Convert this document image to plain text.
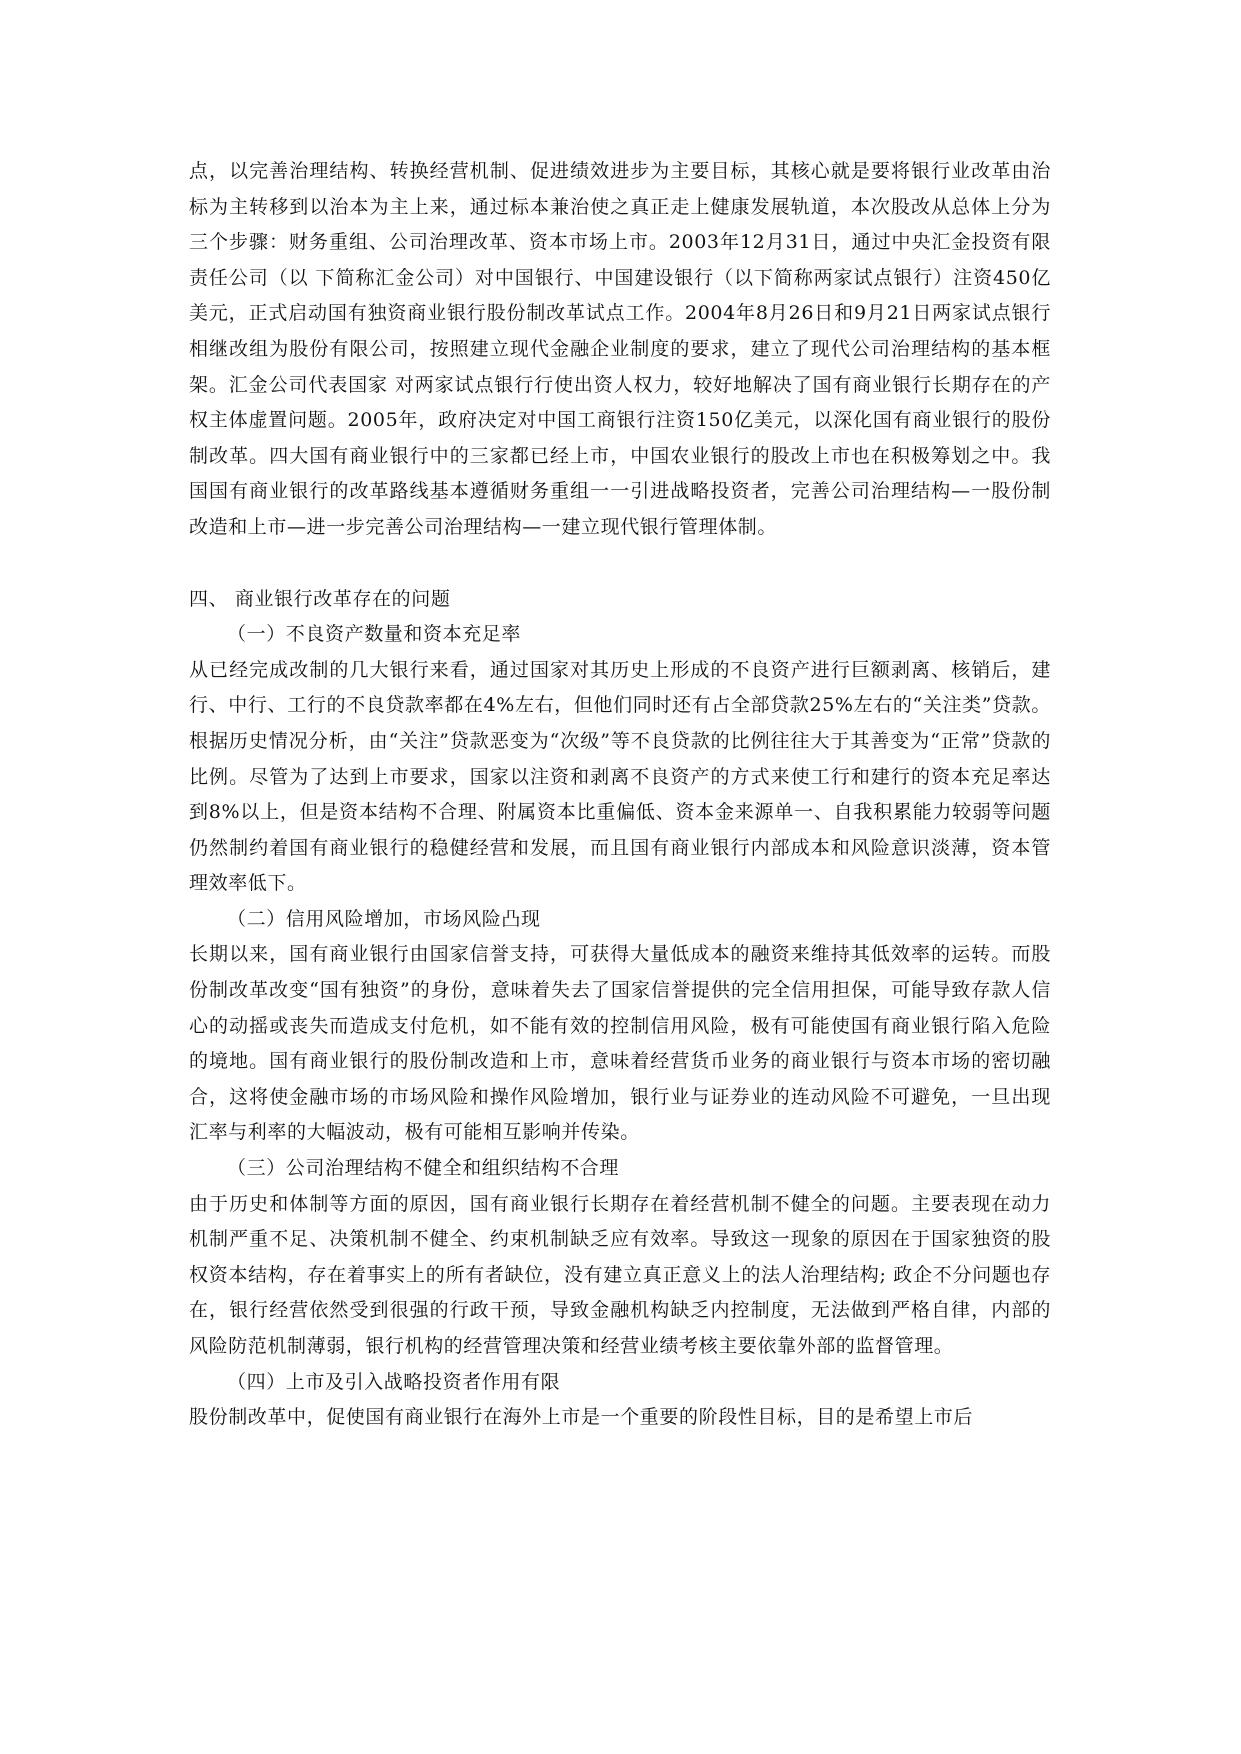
点，以完善治理结构、转换经营机制、促进绩效进步为主要目标，其核心就是要将银行业改革由治标为主转移到以治本为主上来，通过标本兼治使之真正走上健康发展轨道，本次股改从总体上分为三个步骤：财务重组、公司治理改革、资本市场上市。2003年12月31日，通过中央汇金投资有限责任公司（以 下简称汇金公司）对中国银行、中国建设银行（以下简称两家试点银行）注资450亿美元，正式启动国有独资商业银行股份制改革试点工作。2004年8月26日和9月21日两家试点银行相继改组为股份有限公司，按照建立现代金融企业制度的要求，建立了现代公司治理结构的基本框架。汇金公司代表国家 对两家试点银行行使出资人权力，较好地解决了国有商业银行长期存在的产权主体虚置问题。2005年，政府决定对中国工商银行注资150亿美元，以深化国有商业银行的股份制改革。四大国有商业银行中的三家都已经上市，中国农业银行的股改上市也在积极筹划之中。我国国有商业银行的改革路线基本遵循财务重组一一引进战略投资者，完善公司治理结构—一股份制改造和上市—进一步完善公司治理结构—一建立现代银行管理体制。

四、 商业银行改革存在的问题

（一）不良资产数量和资本充足率

从已经完成改制的几大银行来看，通过国家对其历史上形成的不良资产进行巨额剥离、核销后，建行、中行、工行的不良贷款率都在4%左右，但他们同时还有占全部贷款25%左右的“关注类”贷款。根据历史情况分析，由“关注”贷款恶变为“次级”等不良贷款的比例往往大于其善变为“正常”贷款的比例。尽管为了达到上市要求，国家以注资和剥离不良资产的方式来使工行和建行的资本充足率达到8%以上，但是资本结构不合理、附属资本比重偏低、资本金来源单一、自我积累能力较弱等问题仍然制约着国有商业银行的稳健经营和发展，而且国有商业银行内部成本和风险意识淡薄，资本管理效率低下。

（二）信用风险增加，市场风险凸现

长期以来，国有商业银行由国家信誉支持，可获得大量低成本的融资来维持其低效率的运转。而股份制改革改变“国有独资”的身份，意味着失去了国家信誉提供的完全信用担保，可能导致存款人信心的动摇或丧失而造成支付危机，如不能有效的控制信用风险，极有可能使国有商业银行陷入危险的境地。国有商业银行的股份制改造和上市，意味着经营货币业务的商业银行与资本市场的密切融合，这将使金融市场的市场风险和操作风险增加，银行业与证券业的连动风险不可避免，一旦出现汇率与利率的大幅波动，极有可能相互影响并传染。

（三）公司治理结构不健全和组织结构不合理

由于历史和体制等方面的原因，国有商业银行长期存在着经营机制不健全的问题。主要表现在动力机制严重不足、决策机制不健全、约束机制缺乏应有效率。导致这一现象的原因在于国家独资的股权资本结构，存在着事实上的所有者缺位，没有建立真正意义上的法人治理结构; 政企不分问题也存在，银行经营依然受到很强的行政干预，导致金融机构缺乏内控制度，无法做到严格自律，内部的风险防范机制薄弱，银行机构的经营管理决策和经营业绩考核主要依靠外部的监督管理。

（四）上市及引入战略投资者作用有限

股份制改革中，促使国有商业银行在海外上市是一个重要的阶段性目标，目的是希望上市后
